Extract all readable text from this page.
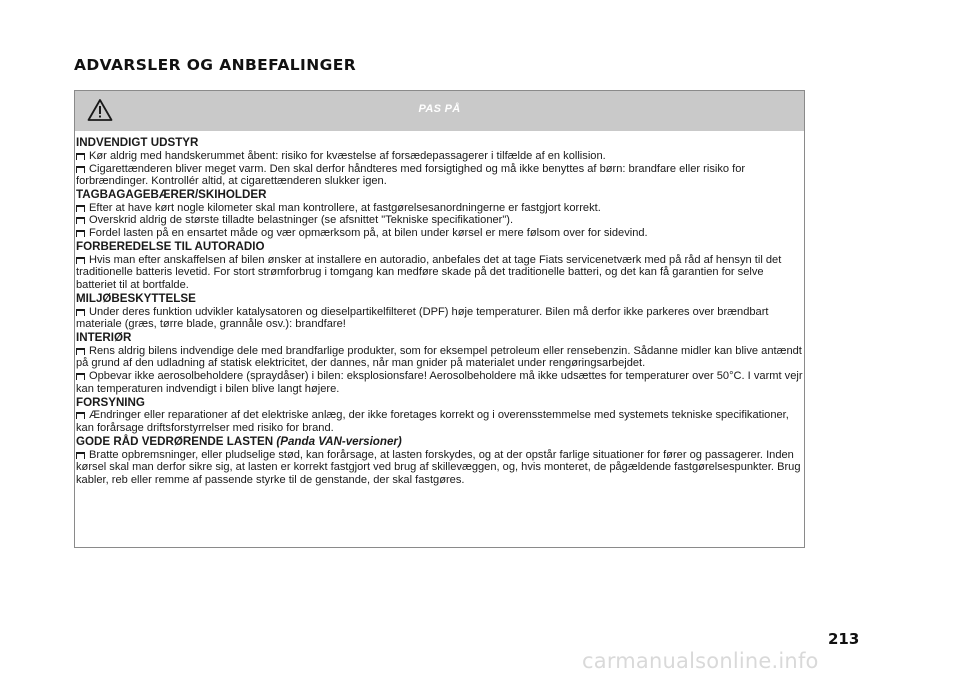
ADVARSLER OG ANBEFALINGER
PAS PÅ
INDVENDIGT UDSTYR
Kør aldrig med handskerummet åbent: risiko for kvæstelse af forsædepassagerer i tilfælde af en kollision.
Cigarettænderen bliver meget varm. Den skal derfor håndteres med forsigtighed og må ikke benyttes af børn: brandfare eller risiko for forbrændinger. Kontrollér altid, at cigarettænderen slukker igen.
TAGBAGAGEBÆRER/SKIHOLDER
Efter at have kørt nogle kilometer skal man kontrollere, at fastgørelsesanordningerne er fastgjort korrekt.
Overskrid aldrig de største tilladte belastninger (se afsnittet "Tekniske specifikationer").
Fordel lasten på en ensartet måde og vær opmærksom på, at bilen under kørsel er mere følsom over for sidevind.
FORBEREDELSE TIL AUTORADIO
Hvis man efter anskaffelsen af bilen ønsker at installere en autoradio, anbefales det at tage Fiats servicenetværk med på råd af hensyn til det traditionelle batteris levetid. For stort strømforbrug i tomgang kan medføre skade på det traditionelle batteri, og det kan få garantien for selve batteriet til at bortfalde.
MILJØBESKYTTELSE
Under deres funktion udvikler katalysatoren og dieselpartikelfilteret (DPF) høje temperaturer. Bilen må derfor ikke parkeres over brændbart materiale (græs, tørre blade, grannåle osv.): brandfare!
INTERIØR
Rens aldrig bilens indvendige dele med brandfarlige produkter, som for eksempel petroleum eller rensebenzin. Sådanne midler kan blive antændt på grund af den udladning af statisk elektricitet, der dannes, når man gnider på materialet under rengøringsarbejdet.
Opbevar ikke aerosolbeholdere (spraydåser) i bilen: eksplosionsfare! Aerosolbeholdere må ikke udsættes for temperaturer over 50°C. I varmt vejr kan temperaturen indvendigt i bilen blive langt højere.
FORSYNING
Ændringer eller reparationer af det elektriske anlæg, der ikke foretages korrekt og i overensstemmelse med systemets tekniske specifikationer, kan forårsage driftsforstyrrelser med risiko for brand.
GODE RÅD VEDRØRENDE LASTEN (Panda VAN-versioner)
Bratte opbremsninger, eller pludselige stød, kan forårsage, at lasten forskydes, og at der opstår farlige situationer for fører og passagerer. Inden kørsel skal man derfor sikre sig, at lasten er korrekt fastgjort ved brug af skillevæggen, og, hvis monteret, de pågældende fastgørelsespunkter. Brug kabler, reb eller remme af passende styrke til de genstande, der skal fastgøres.
213
carmanualsonline.info
